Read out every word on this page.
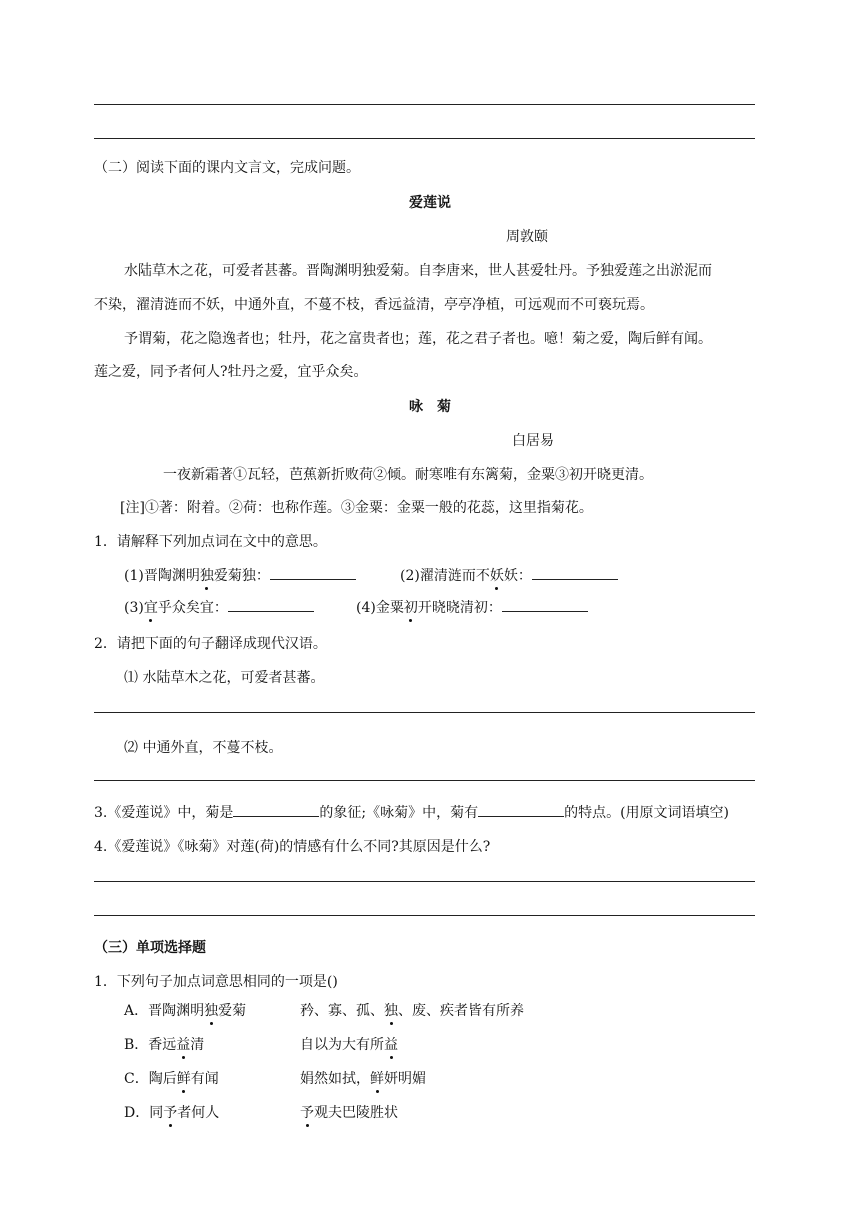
（二）阅读下面的课内文言文，完成问题。
爱莲说
周敦颐
水陆草木之花，可爱者甚蕃。晋陶渊明独爱菊。自李唐来，世人甚爱牡丹。予独爱莲之出淤泥而
不染，濯清涟而不妖，中通外直，不蔓不枝，香远益清，亭亭净植，可远观而不可亵玩焉。
予谓菊，花之隐逸者也；牡丹，花之富贵者也；莲，花之君子者也。噫！菊之爱，陶后鲜有闻。
莲之爱，同予者何人?牡丹之爱，宜乎众矣。
咏　菊
白居易
一夜新霜著①瓦轻，芭蕉新折败荷②倾。耐寒唯有东篱菊，金粟③初开晓更清。
[注]①著：附着。②荷：也称作莲。③金粟：金粟一般的花蕊，这里指菊花。
1．请解释下列加点词在文中的意思。
(1)晋陶渊明独爱菊独：	(2)濯清涟而不妖妖：
(3)宜乎众矣宜：	(4)金粟初开晓晓清初：
2．请把下面的句子翻译成现代汉语。
⑴ 水陆草木之花，可爱者甚蕃。
⑵ 中通外直，不蔓不枝。
3.《爱莲说》中，菊是	的象征;《咏菊》中，菊有	的特点。(用原文词语填空)
4.《爱莲说》《咏菊》对莲(荷)的情感有什么不同?其原因是什么?
（三）单项选择题
1．下列句子加点词意思相同的一项是()
A．晋陶渊明独爱菊	矜、寡、孤、独、废、疾者皆有所养
B．香远益清	自以为大有所益
C．陶后鲜有闻	娟然如拭，鲜妍明媚
D．同予者何人	予观夫巴陵胜状
